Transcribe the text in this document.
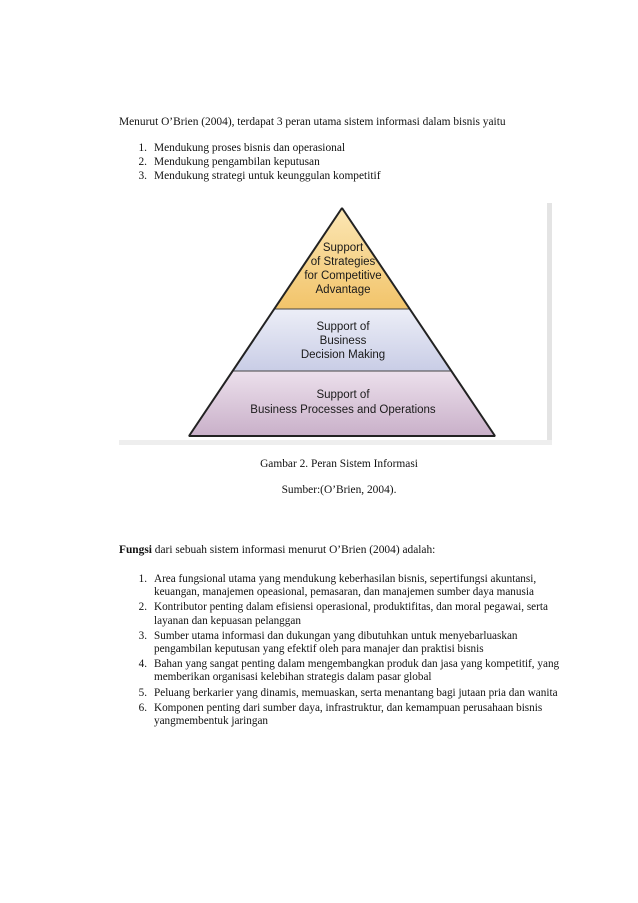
Menurut O’Brien (2004), terdapat 3 peran utama sistem informasi dalam bisnis yaitu

1. Mendukung proses bisnis dan operasional
2. Mendukung pengambilan keputusan
3. Mendukung strategi untuk keunggulan kompetitif
Support
of Strategies
for Competitive
Advantage
Support of
Business
Decision Making
Support of
Business Processes and Operations

Gambar 2. Peran Sistem Informasi

Sumber:(O’Brien, 2004).

Fungsi dari sebuah sistem informasi menurut O’Brien (2004) adalah:

1. Area fungsional utama yang mendukung keberhasilan bisnis, sepertifungsi akuntansi, keuangan, manajemen opeasional, pemasaran, dan manajemen sumber daya manusia
2. Kontributor penting dalam efisiensi operasional, produktifitas, dan moral pegawai, serta layanan dan kepuasan pelanggan
3. Sumber utama informasi dan dukungan yang dibutuhkan untuk menyebarluaskan pengambilan keputusan yang efektif oleh para manajer dan praktisi bisnis
4. Bahan yang sangat penting dalam mengembangkan produk dan jasa yang kompetitif, yang memberikan organisasi kelebihan strategis dalam pasar global
5. Peluang berkarier yang dinamis, memuaskan, serta menantang bagi jutaan pria dan wanita
6. Komponen penting dari sumber daya, infrastruktur, dan kemampuan perusahaan bisnis yangmembentuk jaringan
